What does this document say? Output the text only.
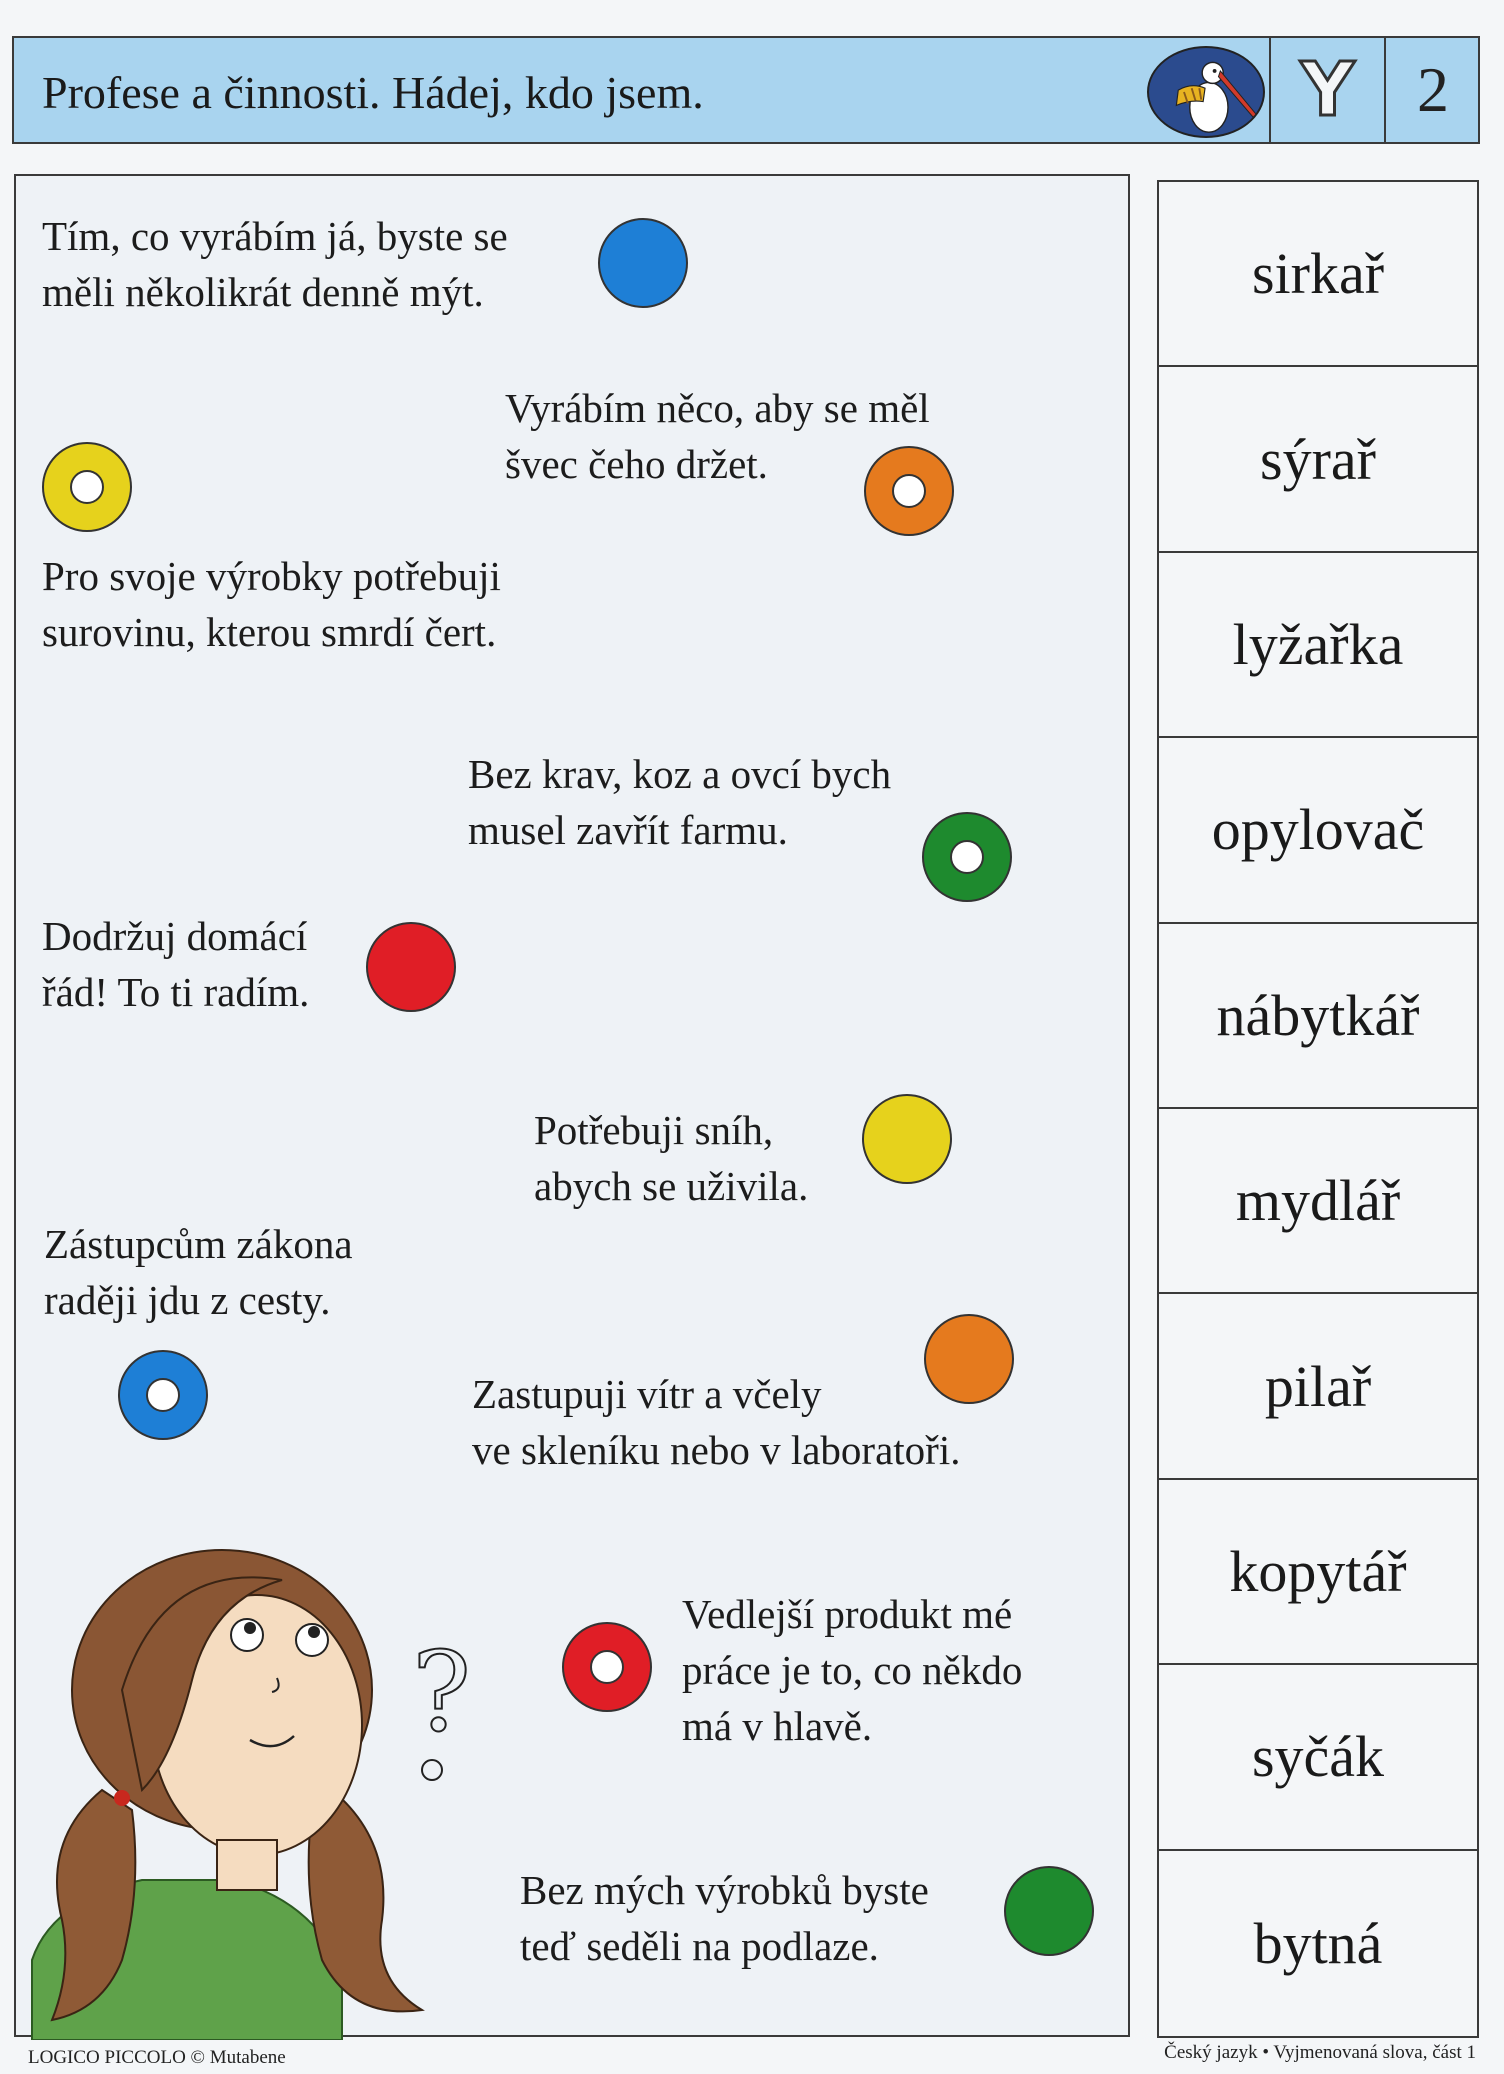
Profese a činnosti. Hádej, kdo jsem.	Y 2
Tím, co vyrábím já, byste se
měli několikrát denně mýt.
Vyrábím něco, aby se měl
švec čeho držet.
Pro svoje výrobky potřebuji
surovinu, kterou smrdí čert.
Bez krav, koz a ovcí bych
musel zavřít farmu.
Dodržuj domácí
řád! To ti radím.
Potřebuji sníh,
abych se uživila.
Zástupcům zákona
raději jdu z cesty.
Zastupuji vítr a včely
ve skleníku nebo v laboratoři.
Vedlejší produkt mé
práce je to, co někdo
má v hlavě.
Bez mých výrobků byste
teď seděli na podlaze.
?
sirkař
sýrař
lyžařka
opylovač
nábytkář
mydlář
pilař
kopytář
syčák
bytná
LOGICO PICCOLO © Mutabene	Český jazyk • Vyjmenovaná slova, část 1
